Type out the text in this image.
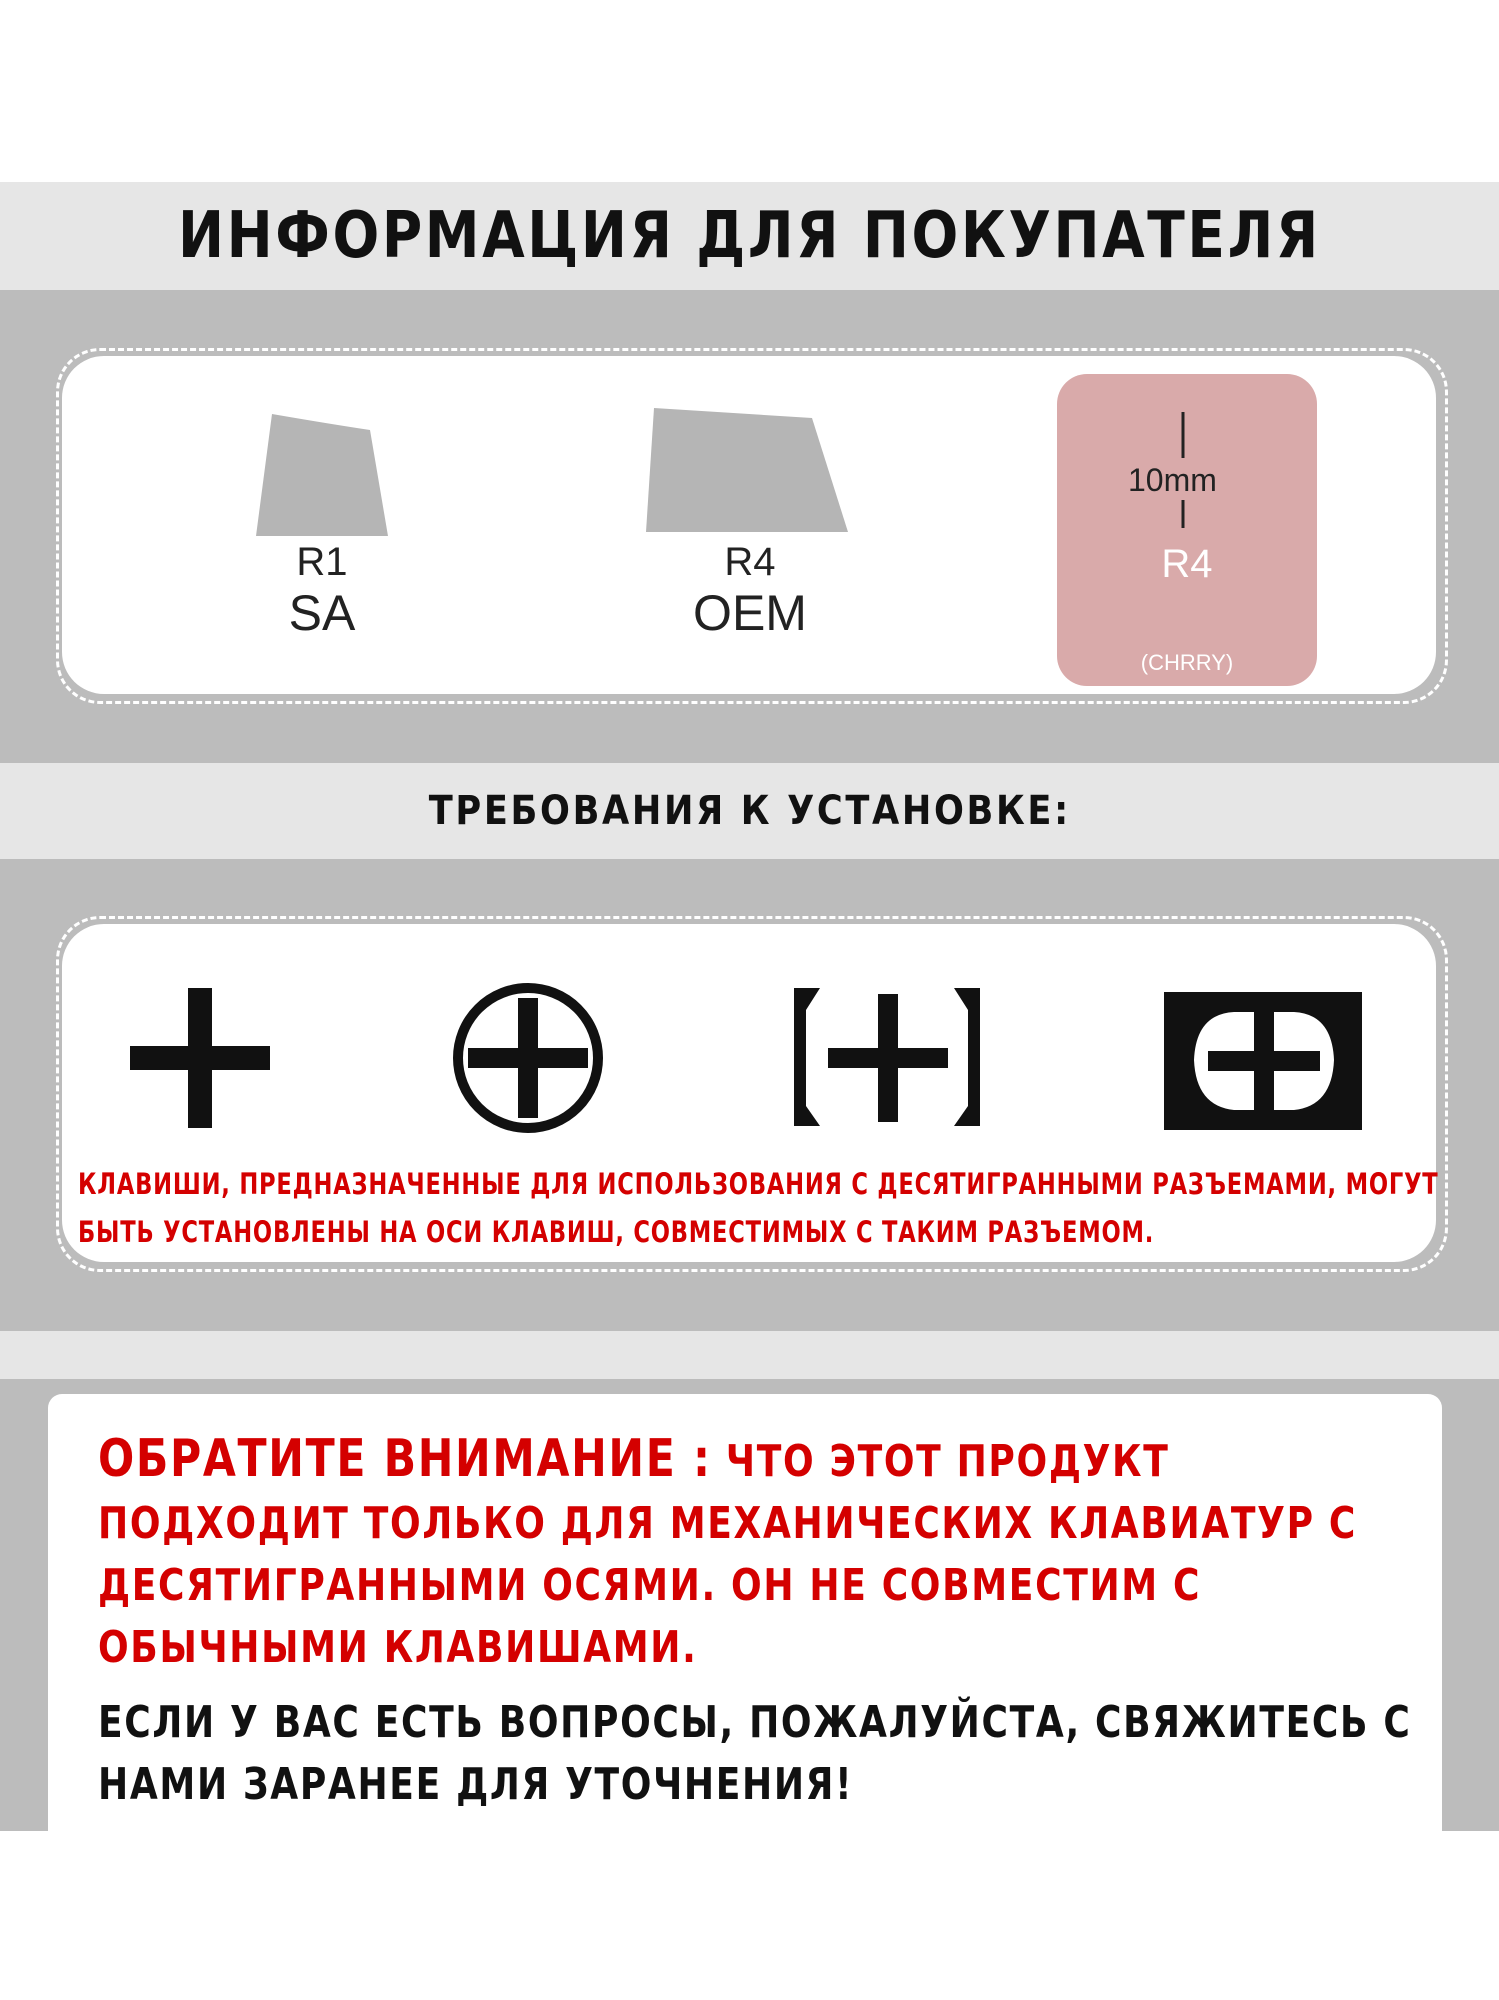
ИНФОРМАЦИЯ ДЛЯ ПОКУПАТЕЛЯ
R1
SA
R4
OEM
R4
(CHRRY)
10mm
ТРЕБОВАНИЯ К УСТАНОВКЕ:
КЛАВИШИ, ПРЕДНАЗНАЧЕННЫЕ ДЛЯ ИСПОЛЬЗОВАНИЯ С ДЕСЯТИГРАННЫМИ РАЗЪЕМАМИ, МОГУТ БЫТЬ УСТАНОВЛЕНЫ НА ОСИ КЛАВИШ, СОВМЕСТИМЫХ С ТАКИМ РАЗЪЕМОМ.
ОБРАТИТЕ ВНИМАНИЕ : ЧТО ЭТОТ ПРОДУКТ ПОДХОДИТ ТОЛЬКО ДЛЯ МЕХАНИЧЕСКИХ КЛАВИАТУР С ДЕСЯТИГРАННЫМИ ОСЯМИ. ОН НЕ СОВМЕСТИМ С ОБЫЧНЫМИ КЛАВИШАМИ.
ЕСЛИ У ВАС ЕСТЬ ВОПРОСЫ, ПОЖАЛУЙСТА, СВЯЖИТЕСЬ С НАМИ ЗАРАНЕЕ ДЛЯ УТОЧНЕНИЯ!
